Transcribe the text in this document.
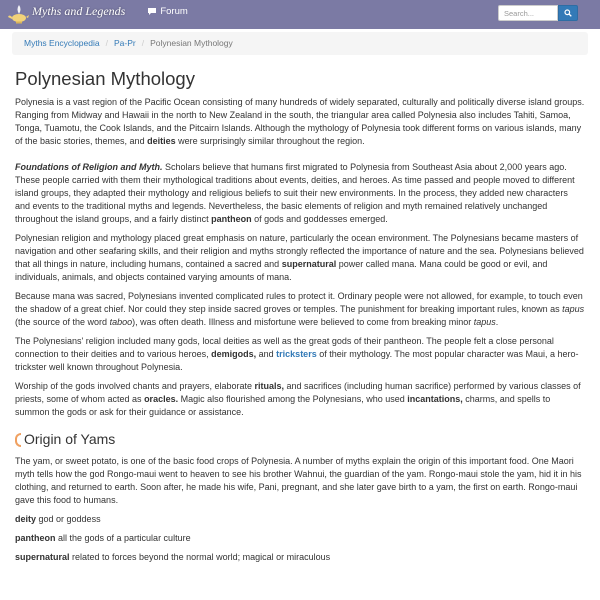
Myths and Legends	Forum
Search...
Myths Encyclopedia / Pa-Pr / Polynesian Mythology
Polynesian Mythology

Polynesia is a vast region of the Pacific Ocean consisting of many hundreds of widely separated, culturally and politically diverse island groups. Ranging from Midway and Hawaii in the north to New Zealand in the south, the triangular area called Polynesia also includes Tahiti, Samoa, Tonga, Tuamotu, the Cook Islands, and the Pitcairn Islands. Although the mythology of Polynesia took different forms on various islands, many of the basic stories, themes, and deities were surprisingly similar throughout the region.

Foundations of Religion and Myth. Scholars believe that humans first migrated to Polynesia from Southeast Asia about 2,000 years ago. These people carried with them their mythological traditions about events, deities, and heroes. As time passed and people moved to different island groups, they adapted their mythology and religious beliefs to suit their new environments. In the process, they added new characters and events to the traditional myths and legends. Nevertheless, the basic elements of religion and myth remained relatively unchanged throughout the island groups, and a fairly distinct pantheon of gods and goddesses emerged.

Polynesian religion and mythology placed great emphasis on nature, particularly the ocean environment. The Polynesians became masters of navigation and other seafaring skills, and their religion and myths strongly reflected the importance of nature and the sea. Polynesians believed that all things in nature, including humans, contained a sacred and supernatural power called mana. Mana could be good or evil, and individuals, animals, and objects contained varying amounts of mana.

Because mana was sacred, Polynesians invented complicated rules to protect it. Ordinary people were not allowed, for example, to touch even the shadow of a great chief. Nor could they step inside sacred groves or temples. The punishment for breaking important rules, known as tapus (the source of the word taboo), was often death. Illness and misfortune were believed to come from breaking minor tapus.

The Polynesians' religion included many gods, local deities as well as the great gods of their pantheon. The people felt a close personal connection to their deities and to various heroes, demigods, and tricksters of their mythology. The most popular character was Maui, a hero-trickster well known throughout Polynesia.

Worship of the gods involved chants and prayers, elaborate rituals, and sacrifices (including human sacrifice) performed by various classes of priests, some of whom acted as oracles. Magic also flourished among the Polynesians, who used incantations, charms, and spells to summon the gods or ask for their guidance or assistance.

Origin of Yams

The yam, or sweet potato, is one of the basic food crops of Polynesia. A number of myths explain the origin of this important food. One Maori myth tells how the god Rongo-maui went to heaven to see his brother Wahnui, the guardian of the yam. Rongo-maui stole the yam, hid it in his clothing, and returned to earth. Soon after, he made his wife, Pani, pregnant, and she later gave birth to a yam, the first on earth. Rongo-maui gave this food to humans.

deity god or goddess

pantheon all the gods of a particular culture

supernatural related to forces beyond the normal world; magical or miraculous
